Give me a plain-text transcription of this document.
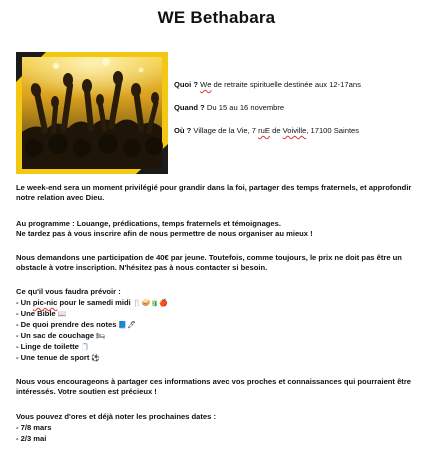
WE Bethabara
Quoi ? We de retraite spirituelle destinée aux 12-17ans
Quand ? Du 15 au 16 novembre
Où ? Village de la Vie, 7 ruE de Voiville, 17100 Saintes
Le week-end sera un moment privilégié pour grandir dans la foi, partager des temps fraternels, et approfondir notre relation avec Dieu.
Au programme : Louange, prédications, temps fraternels et témoignages.
Ne tardez pas à vous inscrire afin de nous permettre de nous organiser au mieux !
Nous demandons une participation de 40€ par jeune. Toutefois, comme toujours, le prix ne doit pas être un obstacle à votre inscription. N'hésitez pas à nous contacter si besoin.
Ce qu'il vous faudra prévoir :
- Un pic-nic pour le samedi midi 🍴🥪🧃🍎
- Une Bible 📖
- De quoi prendre des notes 📘🖊
- Un sac de couchage 🛏
- Linge de toilette 🧻
- Une tenue de sport ⚽
Nous vous encourageons à partager ces informations avec vos proches et connaissances qui pourraient être intéressés. Votre soutien est précieux !
Vous pouvez d'ores et déjà noter les prochaines dates :
- 7/8 mars
- 2/3 mai
